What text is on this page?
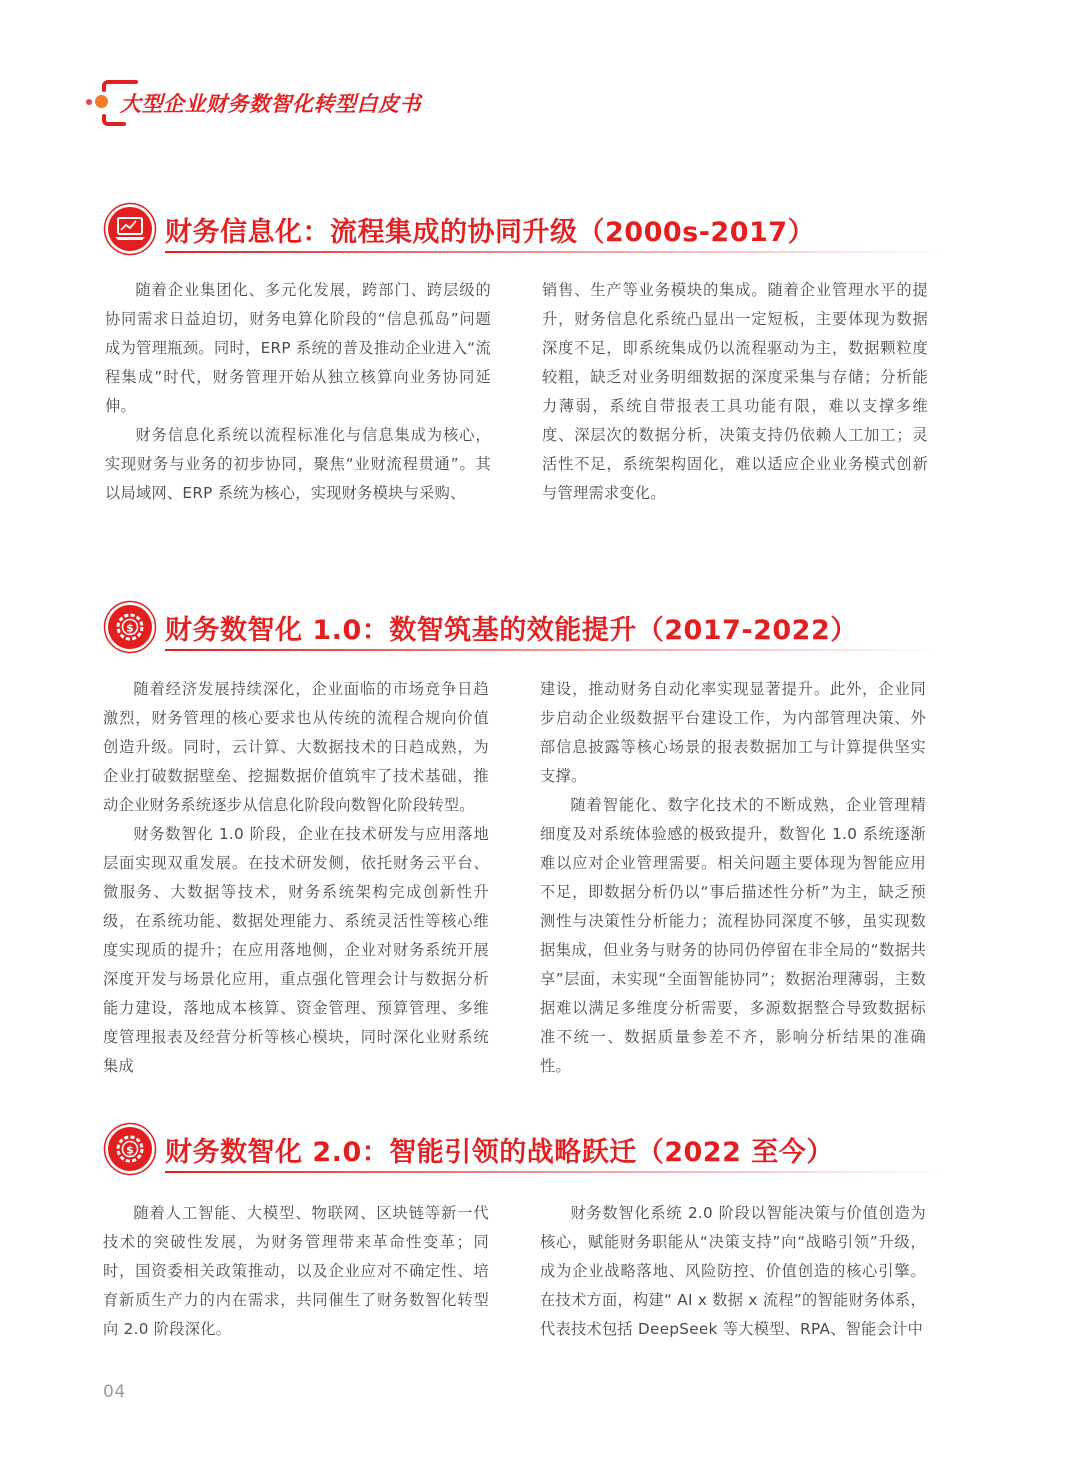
大型企业财务数智化转型白皮书
财务信息化：流程集成的协同升级（2000s-2017）

随着企业集团化、多元化发展，跨部门、跨层级的协同需求日益迫切，财务电算化阶段的“信息孤岛”问题成为管理瓶颈。同时，ERP 系统的普及推动企业进入“流程集成”时代，财务管理开始从独立核算向业务协同延伸。

财务信息化系统以流程标准化与信息集成为核心，实现财务与业务的初步协同，聚焦“业财流程贯通”。其以局域网、ERP 系统为核心，实现财务模块与采购、

销售、生产等业务模块的集成。随着企业管理水平的提升，财务信息化系统凸显出一定短板，主要体现为数据深度不足，即系统集成仍以流程驱动为主，数据颗粒度较粗，缺乏对业务明细数据的深度采集与存储；分析能力薄弱，系统自带报表工具功能有限，难以支撑多维度、深层次的数据分析，决策支持仍依赖人工加工；灵活性不足，系统架构固化，难以适应企业业务模式创新与管理需求变化。

$ 财务数智化 1.0：数智筑基的效能提升（2017-2022）

随着经济发展持续深化，企业面临的市场竞争日趋激烈，财务管理的核心要求也从传统的流程合规向价值创造升级。同时，云计算、大数据技术的日趋成熟，为企业打破数据壁垒、挖掘数据价值筑牢了技术基础，推动企业财务系统逐步从信息化阶段向数智化阶段转型。

财务数智化 1.0 阶段，企业在技术研发与应用落地层面实现双重发展。在技术研发侧，依托财务云平台、微服务、大数据等技术，财务系统架构完成创新性升级，在系统功能、数据处理能力、系统灵活性等核心维度实现质的提升；在应用落地侧，企业对财务系统开展深度开发与场景化应用，重点强化管理会计与数据分析能力建设，落地成本核算、资金管理、预算管理、多维度管理报表及经营分析等核心模块，同时深化业财系统集成

建设，推动财务自动化率实现显著提升。此外，企业同步启动企业级数据平台建设工作，为内部管理决策、外部信息披露等核心场景的报表数据加工与计算提供坚实支撑。

随着智能化、数字化技术的不断成熟，企业管理精细度及对系统体验感的极致提升，数智化 1.0 系统逐渐难以应对企业管理需要。相关问题主要体现为智能应用不足，即数据分析仍以“事后描述性分析”为主，缺乏预测性与决策性分析能力；流程协同深度不够，虽实现数据集成，但业务与财务的协同仍停留在非全局的“数据共享”层面，未实现“全面智能协同”；数据治理薄弱，主数据难以满足多维度分析需要，多源数据整合导致数据标准不统一、数据质量参差不齐，影响分析结果的准确性。

$ 财务数智化 2.0：智能引领的战略跃迁（2022 至今）

随着人工智能、大模型、物联网、区块链等新一代技术的突破性发展，为财务管理带来革命性变革；同时，国资委相关政策推动，以及企业应对不确定性、培育新质生产力的内在需求，共同催生了财务数智化转型向 2.0 阶段深化。

财务数智化系统 2.0 阶段以智能决策与价值创造为核心，赋能财务职能从“决策支持”向“战略引领”升级，成为企业战略落地、风险防控、价值创造的核心引擎。在技术方面，构建“ AI x 数据 x 流程”的智能财务体系，代表技术包括 DeepSeek 等大模型、RPA、智能会计中

04
